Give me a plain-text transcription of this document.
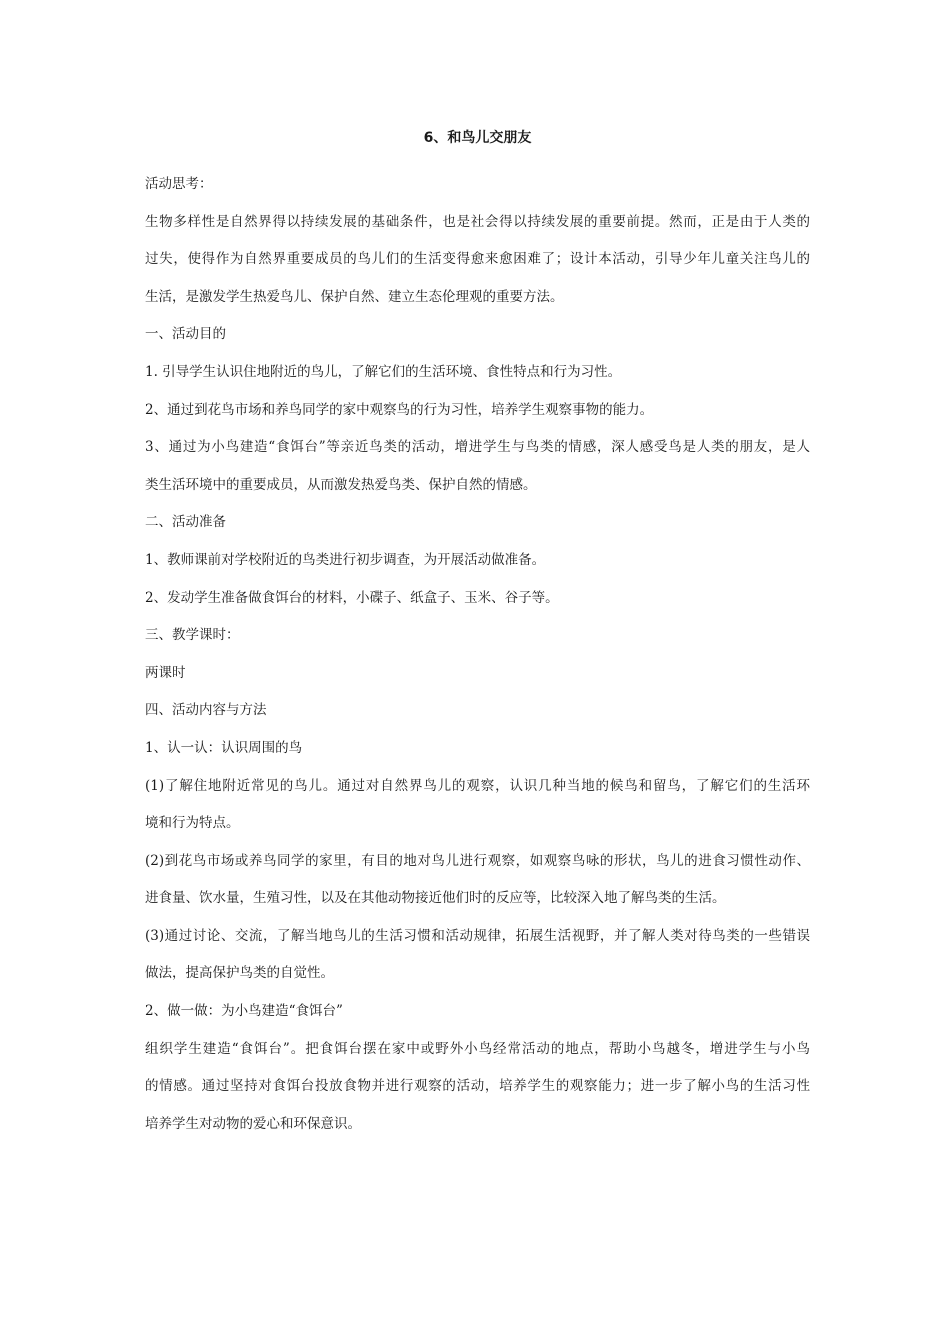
6、和鸟儿交朋友

活动思考：

生物多样性是自然界得以持续发展的基础条件，也是社会得以持续发展的重要前提。然而，正是由于人类的

过失，使得作为自然界重要成员的鸟儿们的生活变得愈来愈困难了；设计本活动，引导少年儿童关注鸟儿的

生活，是激发学生热爱鸟儿、保护自然、建立生态伦理观的重要方法。

一、活动目的

1. 引导学生认识住地附近的鸟儿，了解它们的生活环境、食性特点和行为习性。

2、通过到花鸟市场和养鸟同学的家中观察鸟的行为习性，培养学生观察事物的能力。

3、通过为小鸟建造“食饵台”等亲近鸟类的活动，增进学生与鸟类的情感，深人感受鸟是人类的朋友，是人

类生活环境中的重要成员，从而激发热爱鸟类、保护自然的情感。

二、活动准备

1、教师课前对学校附近的鸟类进行初步调查，为开展活动做准备。

2、发动学生准备做食饵台的材料，小碟子、纸盒子、玉米、谷子等。

三、教学课时：

两课时

四、活动内容与方法

1、认一认：认识周围的鸟

(1)了解住地附近常见的鸟儿。通过对自然界鸟儿的观察，认识几种当地的候鸟和留鸟，了解它们的生活环

境和行为特点。

(2)到花鸟市场或养鸟同学的家里，有目的地对鸟儿进行观察，如观察鸟咏的形状，鸟儿的进食习惯性动作、

进食量、饮水量，生殖习性，以及在其他动物接近他们时的反应等，比较深入地了解鸟类的生活。

(3)通过讨论、交流，了解当地鸟儿的生活习惯和活动规律，拓展生活视野，并了解人类对待鸟类的一些错误

做法，提高保护鸟类的自觉性。

2、做一做：为小鸟建造“食饵台”

组织学生建造“食饵台”。把食饵台摆在家中或野外小鸟经常活动的地点，帮助小鸟越冬，增进学生与小鸟

的情感。通过坚持对食饵台投放食物并进行观察的活动，培养学生的观察能力；进一步了解小鸟的生活习性

培养学生对动物的爱心和环保意识。
